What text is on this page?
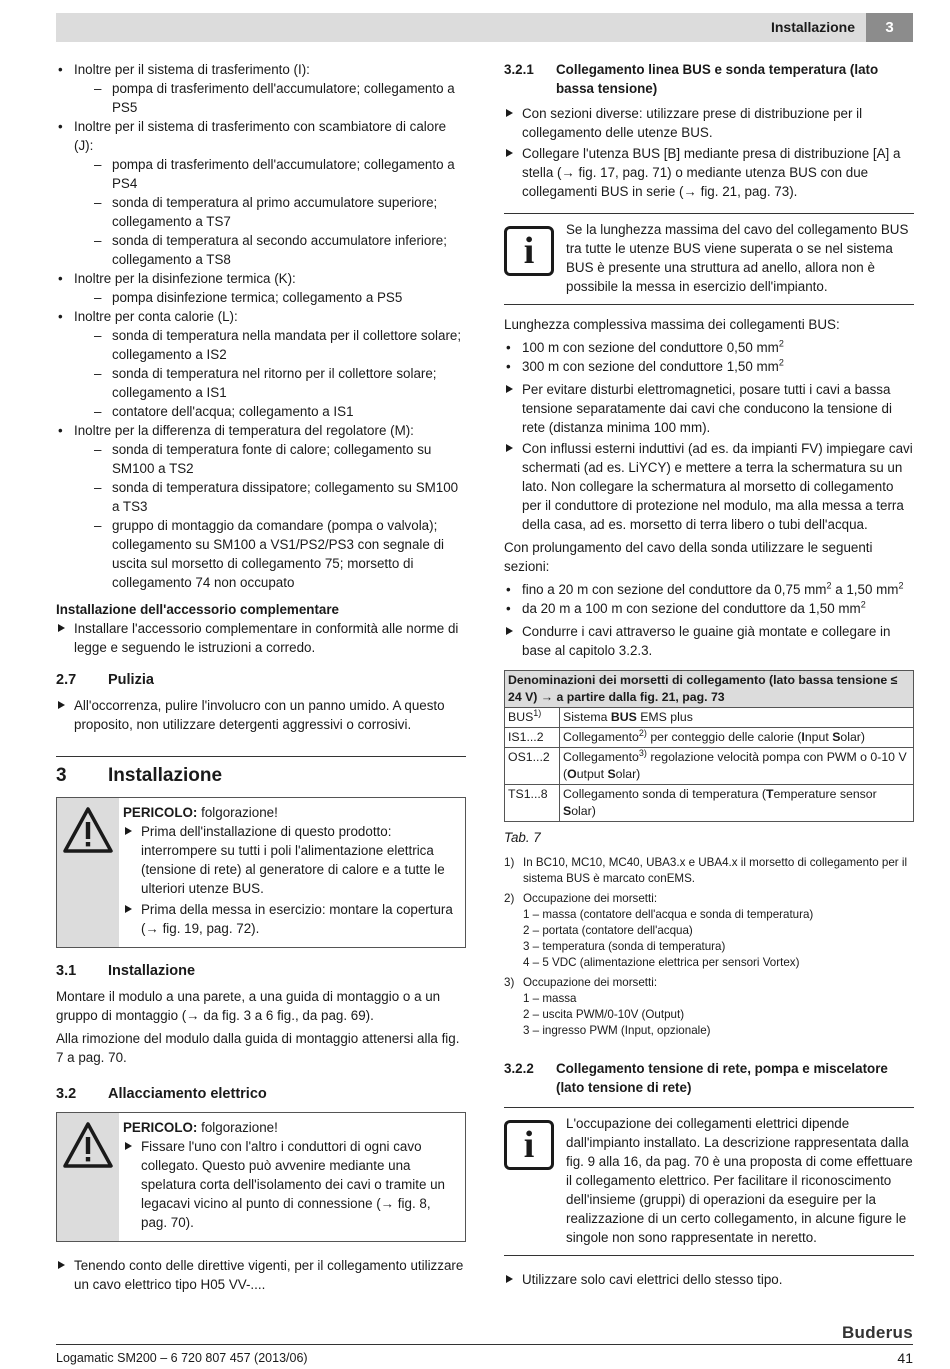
Installazione	3
• Inoltre per il sistema di trasferimento (I):
– pompa di trasferimento dell'accumulatore; collegamento a PS5
• Inoltre per il sistema di trasferimento con scambiatore di calore (J):
– pompa di trasferimento dell'accumulatore; collegamento a PS4
– sonda di temperatura al primo accumulatore superiore; collegamento a TS7
– sonda di temperatura al secondo accumulatore inferiore; collegamento a TS8
• Inoltre per la disinfezione termica (K):
– pompa disinfezione termica; collegamento a PS5
• Inoltre per conta calorie (L):
– sonda di temperatura nella mandata per il collettore solare; collegamento a IS2
– sonda di temperatura nel ritorno per il collettore solare; collegamento a IS1
– contatore dell'acqua; collegamento a IS1
• Inoltre per la differenza di temperatura del regolatore (M):
– sonda di temperatura fonte di calore; collegamento su SM100 a TS2
– sonda di temperatura dissipatore; collegamento su SM100 a TS3
– gruppo di montaggio da comandare (pompa o valvola); collegamento su SM100 a VS1/PS2/PS3 con segnale di uscita sul morsetto di collegamento 75; morsetto di collegamento 74 non occupato
Installazione dell'accessorio complementare
Installare l'accessorio complementare in conformità alle norme di legge e seguendo le istruzioni a corredo.
2.7	Pulizia
All'occorrenza, pulire l'involucro con un panno umido. A questo proposito, non utilizzare detergenti aggressivi o corrosivi.
3	Installazione
PERICOLO: folgorazione!
Prima dell'installazione di questo prodotto: interrompere su tutti i poli l'alimentazione elettrica (tensione di rete) al generatore di calore e a tutte le ulteriori utenze BUS.
Prima della messa in esercizio: montare la copertura (→ fig. 19, pag. 72).
3.1	Installazione

Montare il modulo a una parete, a una guida di montaggio o a un gruppo di montaggio (→ da fig. 3 a 6 fig., da pag. 69).

Alla rimozione del modulo dalla guida di montaggio attenersi alla fig. 7 a pag. 70.

3.2	Allacciamento elettrico
PERICOLO: folgorazione!
Fissare l'uno con l'altro i conduttori di ogni cavo collegato. Questo può avvenire mediante una spelatura corta dell'isolamento dei cavi o tramite un legacavi vicino al punto di connessione (→ fig. 8, pag. 70).
Tenendo conto delle direttive vigenti, per il collegamento utilizzare un cavo elettrico tipo H05 VV-....
3.2.1	Collegamento linea BUS e sonda temperatura (lato bassa tensione)
Con sezioni diverse: utilizzare prese di distribuzione per il collegamento delle utenze BUS.
Collegare l'utenza BUS [B] mediante presa di distribuzione [A] a stella (→ fig. 17, pag. 71) o mediante utenza BUS con due collegamenti BUS in serie (→ fig. 21, pag. 73).
i	Se la lunghezza massima del cavo del collegamento BUS tra tutte le utenze BUS viene superata o se nel sistema BUS è presente una struttura ad anello, allora non è possibile la messa in esercizio dell'impianto.

Lunghezza complessiva massima dei collegamenti BUS:

• 100 m con sezione del conduttore 0,50 $mm^2$
• 300 m con sezione del conduttore 1,50 $mm^2$
Per evitare disturbi elettromagnetici, posare tutti i cavi a bassa tensione separatamente dai cavi che conducono la tensione di rete (distanza minima 100 mm).
Con influssi esterni induttivi (ad es. da impianti FV) impiegare cavi schermati (ad es. LiYCY) e mettere a terra la schermatura su un lato. Non collegare la schermatura al morsetto di collegamento per il conduttore di protezione nel modulo, ma alla messa a terra della casa, ad es. morsetto di terra libero o tubi dell'acqua.

Con prolungamento del cavo della sonda utilizzare le seguenti sezioni:

• fino a 20 m con sezione del conduttore da 0,75 $mm^2$ a 1,50 $mm^2$
• da 20 m a 100 m con sezione del conduttore da 1,50 $mm^2$
Condurre i cavi attraverso le guaine già montate e collegare in base al capitolo 3.2.3.
Denominazioni dei morsetti di collegamento (lato bassa tensione ≤ 24 V) → a partire dalla fig. 21, pag. 73	
BUS$^{1)}$	Sistema BUS EMS plus
IS1...2	Collegamento$^{2)}$ per conteggio delle calorie (Input Solar)
OS1...2	Collegamento$^{3)}$ regolazione velocità pompa con PWM o 0-10 V (Output Solar)
TS1...8	Collegamento sonda di temperatura (Temperature sensor Solar)
Tab. 7
1) In BC10, MC10, MC40, UBA3.x e UBA4.x il morsetto di collegamento per il sistema BUS è marcato conEMS.
2) Occupazione dei morsetti:
1 – massa (contatore dell'acqua e sonda di temperatura)
2 – portata (contatore dell'acqua)
3 – temperatura (sonda di temperatura)
4 – 5 VDC (alimentazione elettrica per sensori Vortex)
3) Occupazione dei morsetti:
1 – massa
2 – uscita PWM/0-10V (Output)
3 – ingresso PWM (Input, opzionale)
3.2.2	Collegamento tensione di rete, pompa e miscelatore (lato tensione di rete)
i	L'occupazione dei collegamenti elettrici dipende dall'impianto installato. La descrizione rappresentata dalla fig. 9 alla 16, da pag. 70 è una proposta di come effettuare il collegamento elettrico. Per facilitare il riconoscimento dell'insieme (gruppi) di operazioni da eseguire per la realizzazione di un certo collegamento, in alcune figure le singole non sono rappresentate in neretto.
Utilizzare solo cavi elettrici dello stesso tipo.
Buderus
Logamatic SM200 – 6 720 807 457 (2013/06)	41
